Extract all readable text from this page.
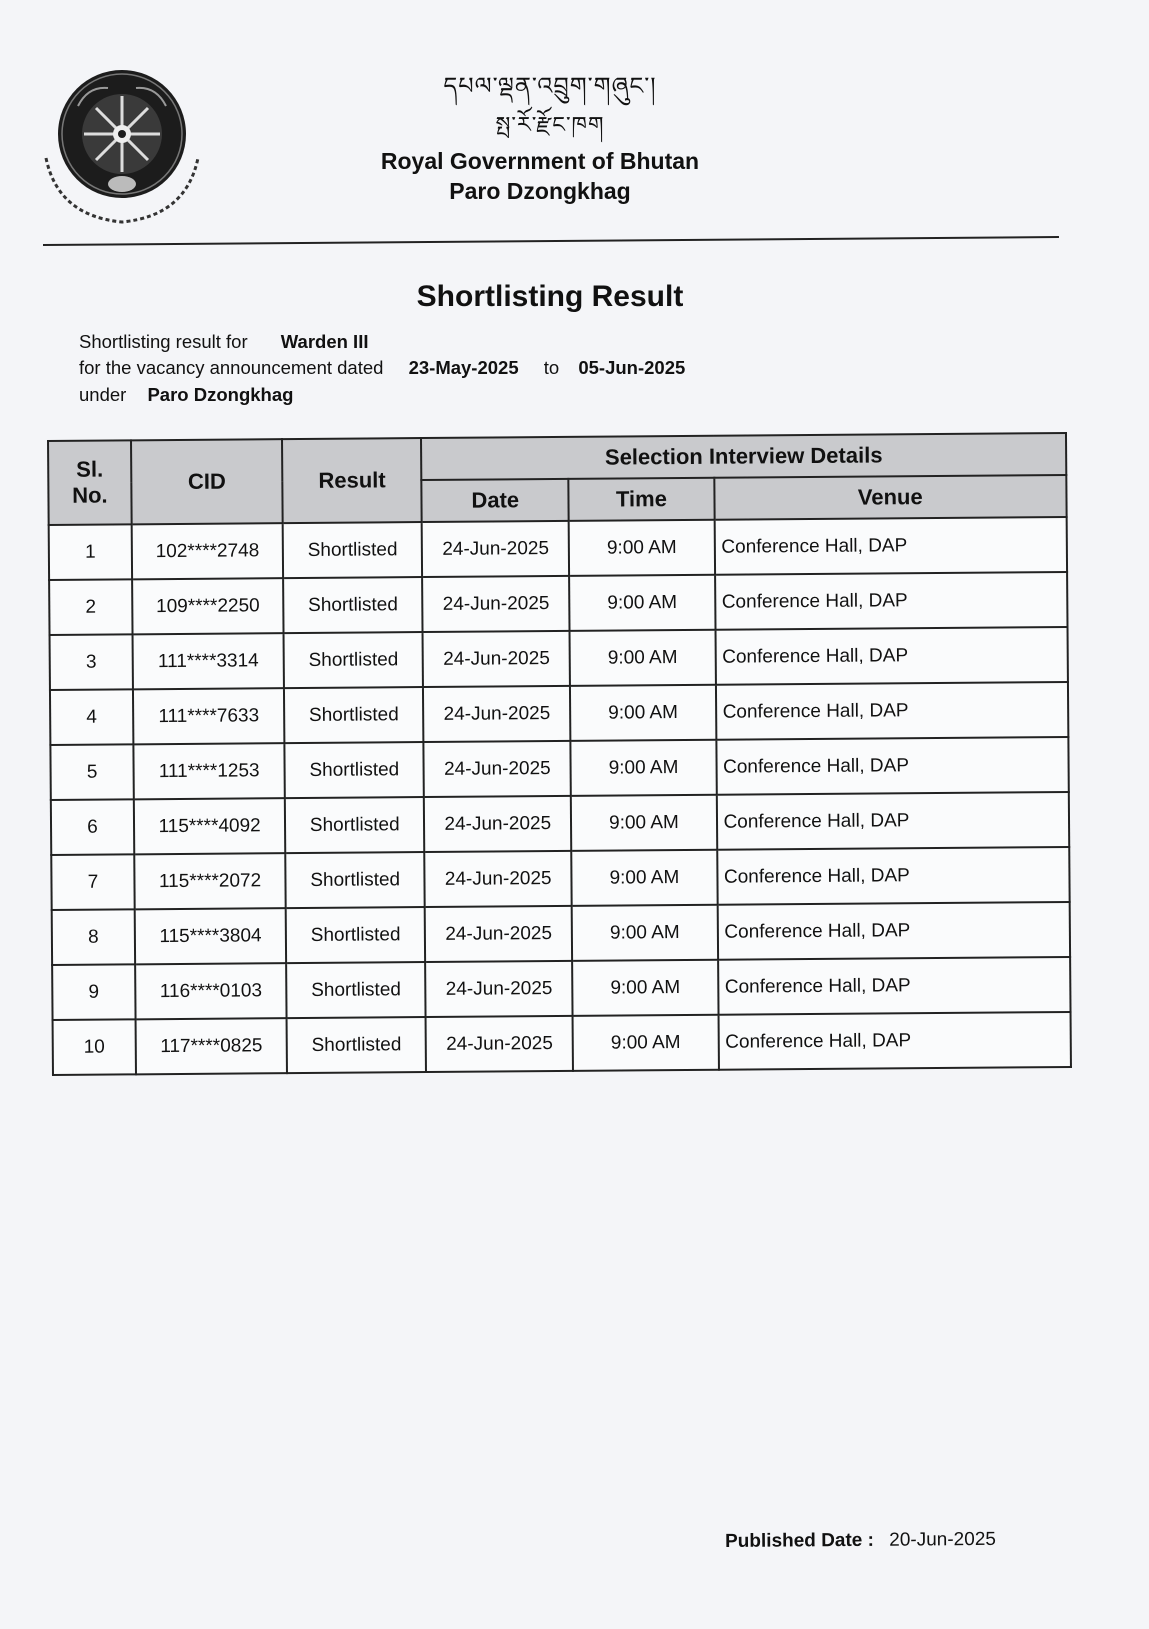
དཔལ་ལྡན་འབྲུག་གཞུང་།
སྤ་རོ་རྫོང་ཁག
Royal Government of Bhutan
Paro Dzongkhag
Shortlisting Result
Shortlisting result for Warden III
for the vacancy announcement dated 23-May-2025 to 05-Jun-2025
under Paro Dzongkhag
Sl. No.	CID	Result	Selection Interview Details		
			Date	Time	Venue
1	102****2748	Shortlisted	24-Jun-2025	9:00 AM	Conference Hall, DAP
2	109****2250	Shortlisted	24-Jun-2025	9:00 AM	Conference Hall, DAP
3	111****3314	Shortlisted	24-Jun-2025	9:00 AM	Conference Hall, DAP
4	111****7633	Shortlisted	24-Jun-2025	9:00 AM	Conference Hall, DAP
5	111****1253	Shortlisted	24-Jun-2025	9:00 AM	Conference Hall, DAP
6	115****4092	Shortlisted	24-Jun-2025	9:00 AM	Conference Hall, DAP
7	115****2072	Shortlisted	24-Jun-2025	9:00 AM	Conference Hall, DAP
8	115****3804	Shortlisted	24-Jun-2025	9:00 AM	Conference Hall, DAP
9	116****0103	Shortlisted	24-Jun-2025	9:00 AM	Conference Hall, DAP
10	117****0825	Shortlisted	24-Jun-2025	9:00 AM	Conference Hall, DAP
Published Date : 20-Jun-2025
